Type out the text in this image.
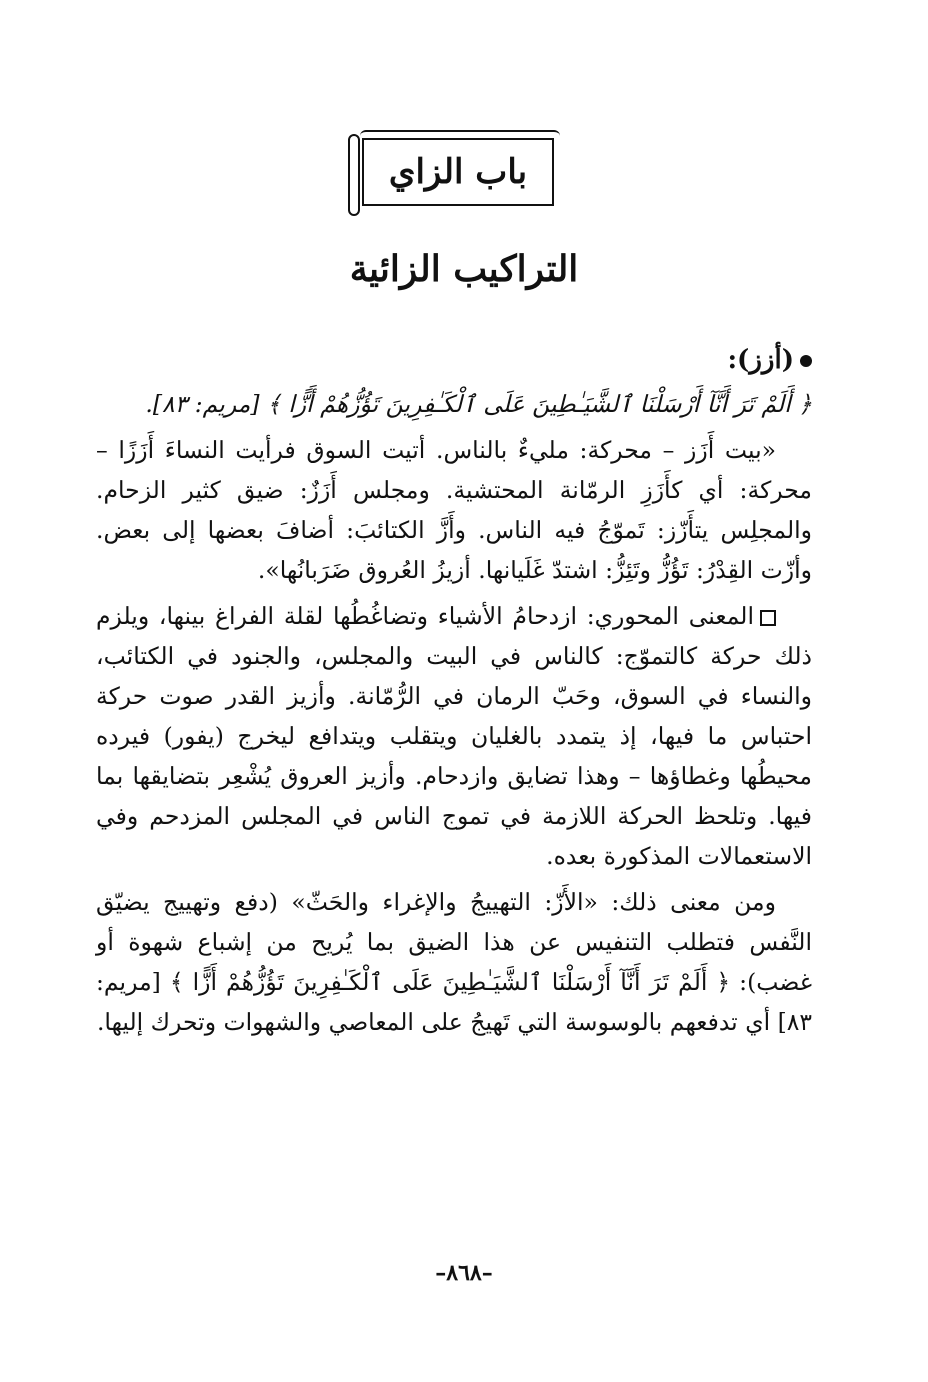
باب الزاي
التراكيب الزائية
(أزز):

﴿ أَلَمْ تَرَ أَنَّآ أَرْسَلْنَا ٱلشَّيَـٰطِينَ عَلَى ٱلْكَـٰفِرِينَ تَؤُزُّهُمْ أَزًّا ﴾ [مريم: ٨٣].

«بيت أَزَز – محركة: مليءٌ بالناس. أتيت السوق فرأيت النساءَ أَزَزًا – محركة: أي كأَزَزِ الرمّانة المحتشية. ومجلس أَزَزٌ: ضيق كثير الزحام. والمجلِس يتأَزّز: تَموّجُ فيه الناس. وأَزَّ الكتائبَ: أضافَ بعضها إلى بعض. وأزّت القِدْرُ: تَؤُزُّ وتَئِزُّ: اشتدّ غَلَيانها. أزيزُ العُروق ضَرَبانُها».

المعنى المحوري: ازدحامُ الأشياء وتضاغُطُها لقلة الفراغ بينها، ويلزم ذلك حركة كالتموّج: كالناس في البيت والمجلس، والجنود في الكتائب، والنساء في السوق، وحَبّ الرمان في الرُّمّانة. وأزيز القدر صوت حركة احتباس ما فيها، إذ يتمدد بالغليان ويتقلب ويتدافع ليخرج (يفور) فيرده محيطُها وغطاؤها – وهذا تضايق وازدحام. وأزيز العروق يُشْعِر بتضايقها بما فيها. وتلحظ الحركة اللازمة في تموج الناس في المجلس المزدحم وفي الاستعمالات المذكورة بعده.

ومن معنى ذلك: «الأَزّ: التهييجُ والإغراء والحَثّ» (دفع وتهييج يضيّق النَّفس فتطلب التنفيس عن هذا الضيق بما يُريح من إشباع شهوة أو غضب): ﴿ أَلَمْ تَرَ أَنَّآ أَرْسَلْنَا ٱلشَّيَـٰطِينَ عَلَى ٱلْكَـٰفِرِينَ تَؤُزُّهُمْ أَزًّا ﴾ [مريم: ٨٣] أي تدفعهم بالوسوسة التي تَهيجُ على المعاصي والشهوات وتحرك إليها.

–٨٦٨–
